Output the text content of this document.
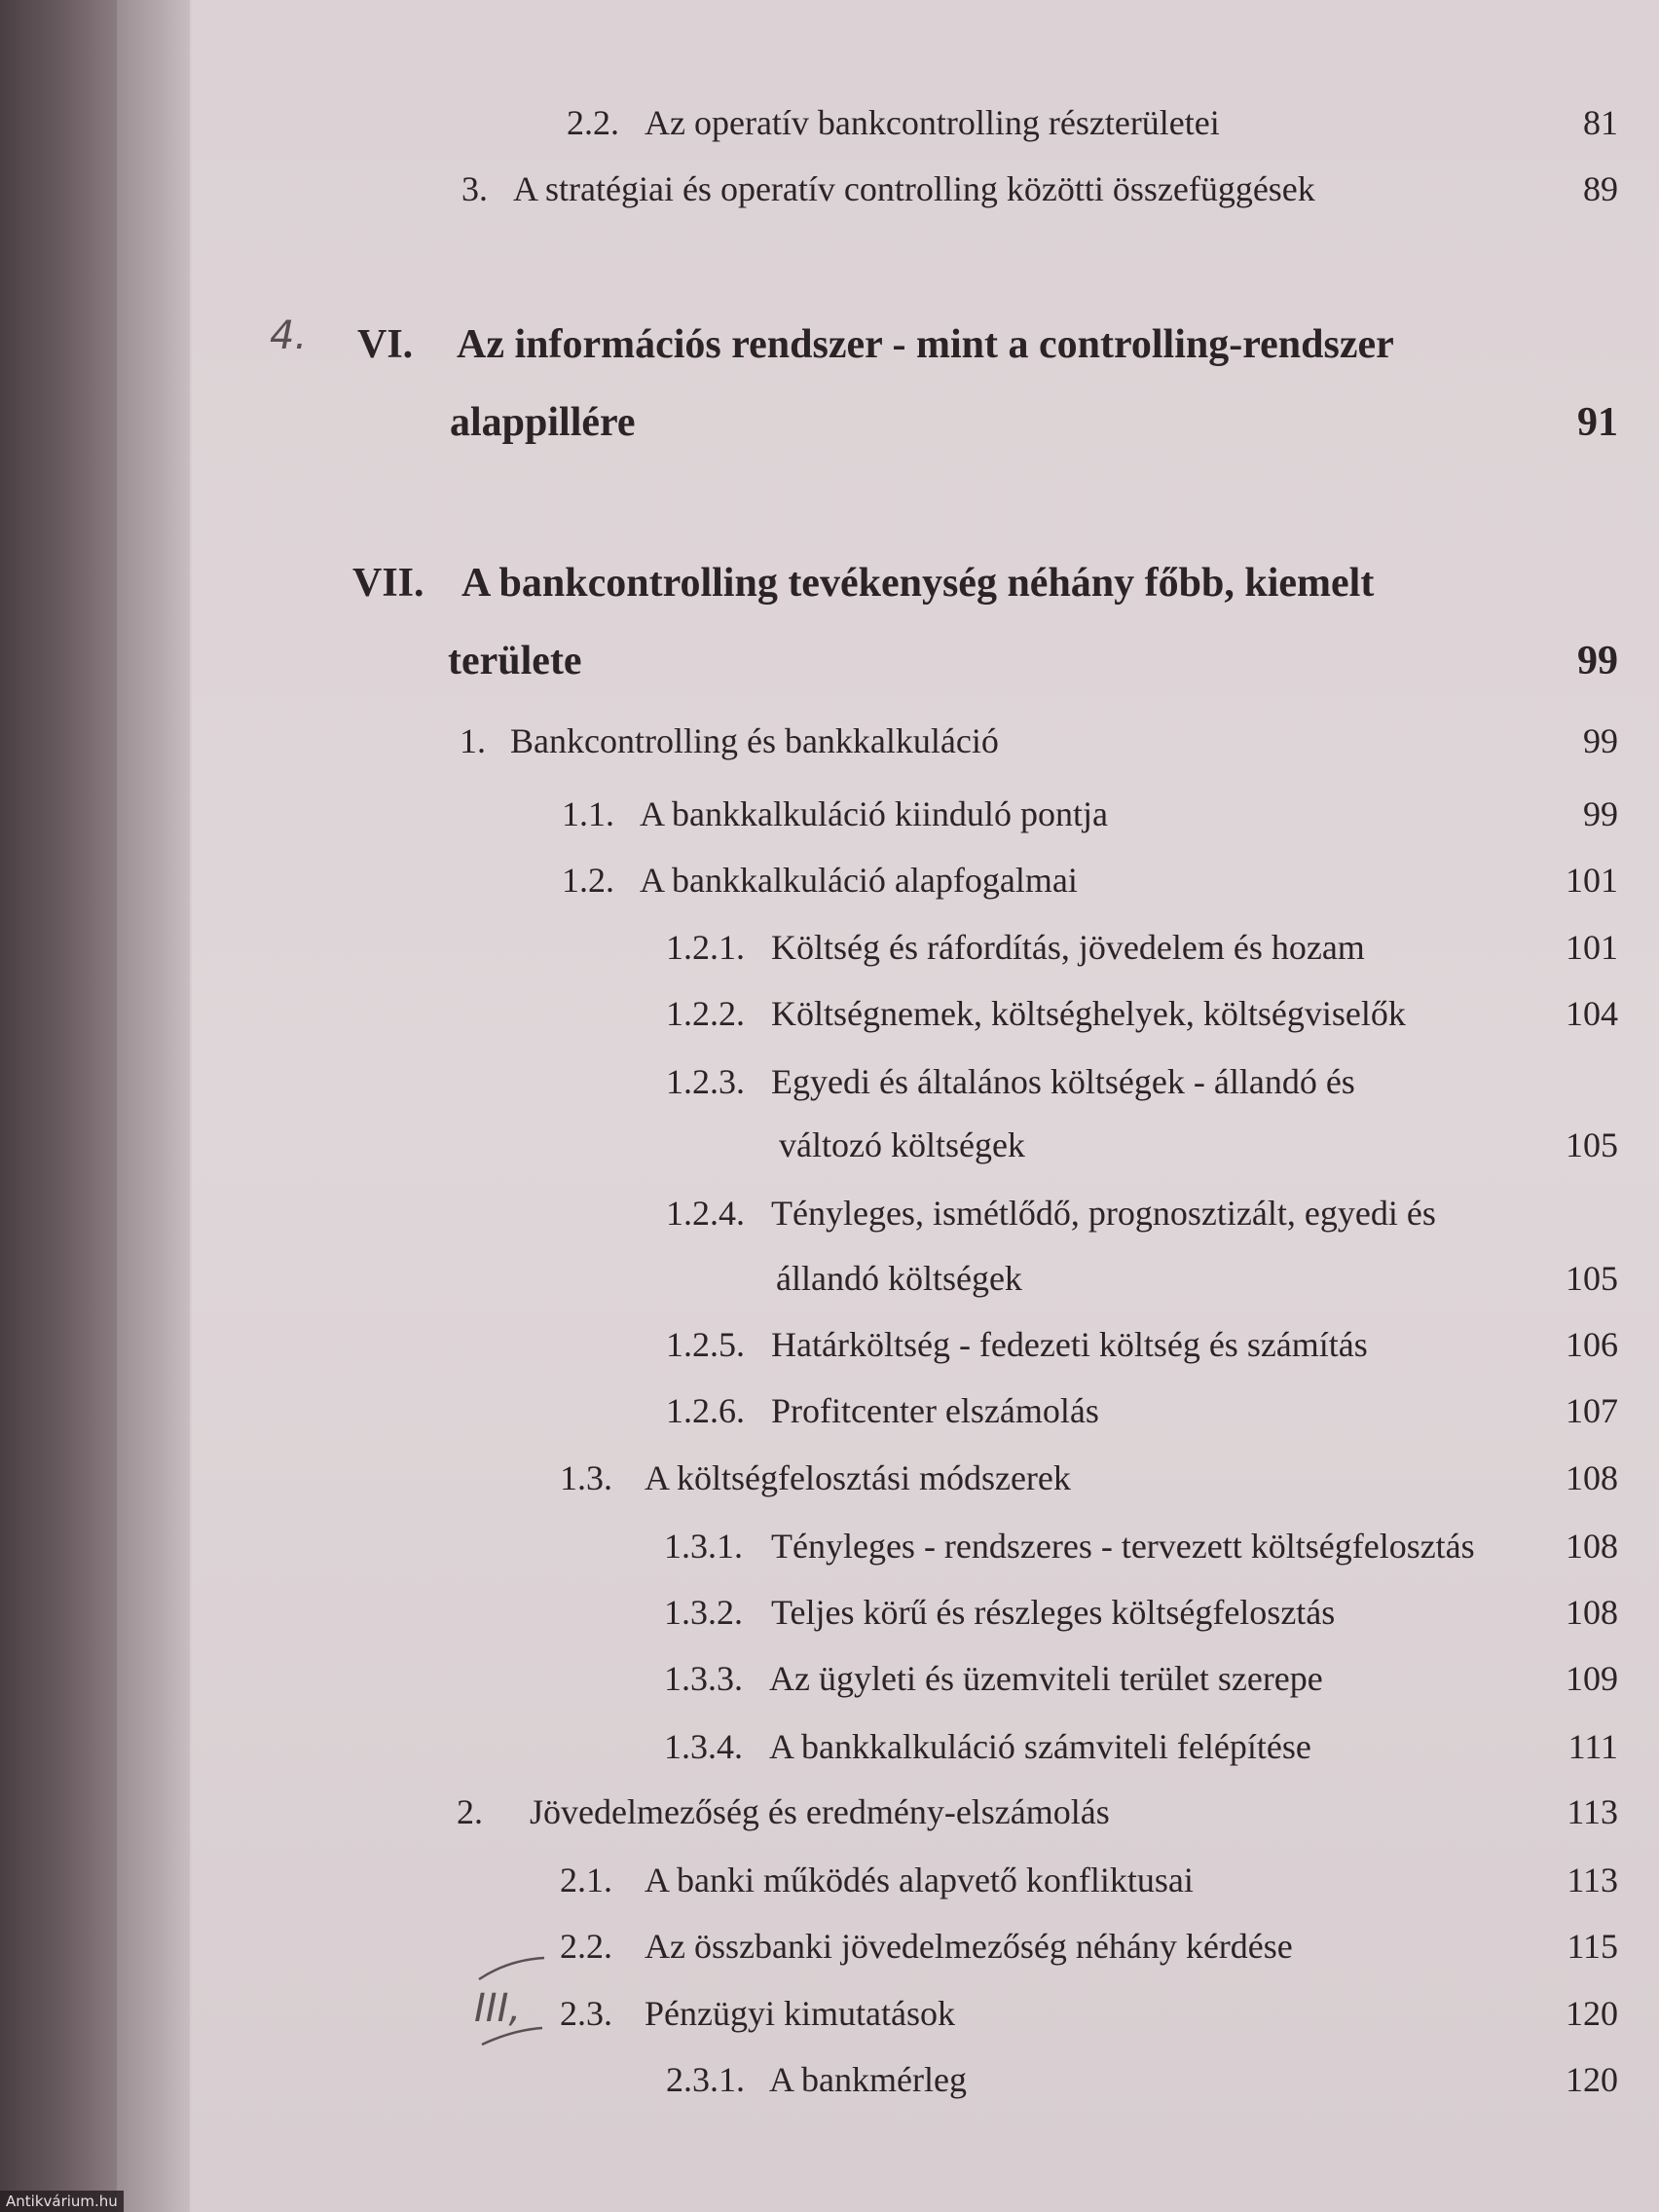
2.2. Az operatív bankcontrolling részterületei	81
3. A stratégiai és operatív controlling közötti összefüggések	89
4. VI. Az információs rendszer - mint a controlling-rendszer
alappillére	91
VII. A bankcontrolling tevékenység néhány főbb, kiemelt
területe	99
1. Bankcontrolling és bankkalkuláció	99
1.1. A bankkalkuláció kiinduló pontja	99
1.2. A bankkalkuláció alapfogalmai	101
1.2.1. Költség és ráfordítás, jövedelem és hozam	101
1.2.2. Költségnemek, költséghelyek, költségviselők	104
1.2.3. Egyedi és általános költségek - állandó és
változó költségek	105
1.2.4. Tényleges, ismétlődő, prognosztizált, egyedi és
állandó költségek	105
1.2.5. Határköltség - fedezeti költség és számítás	106
1.2.6. Profitcenter elszámolás	107
1.3. A költségfelosztási módszerek	108
1.3.1. Tényleges - rendszeres - tervezett költségfelosztás	108
1.3.2. Teljes körű és részleges költségfelosztás	108
1.3.3. Az ügyleti és üzemviteli terület szerepe	109
1.3.4. A bankkalkuláció számviteli felépítése	111
2. Jövedelmezőség és eredmény-elszámolás	113
2.1. A banki működés alapvető konfliktusai	113
2.2. Az összbanki jövedelmezőség néhány kérdése	115
III, 2.3. Pénzügyi kimutatások	120
2.3.1. A bankmérleg	120
Antikvárium.hu
